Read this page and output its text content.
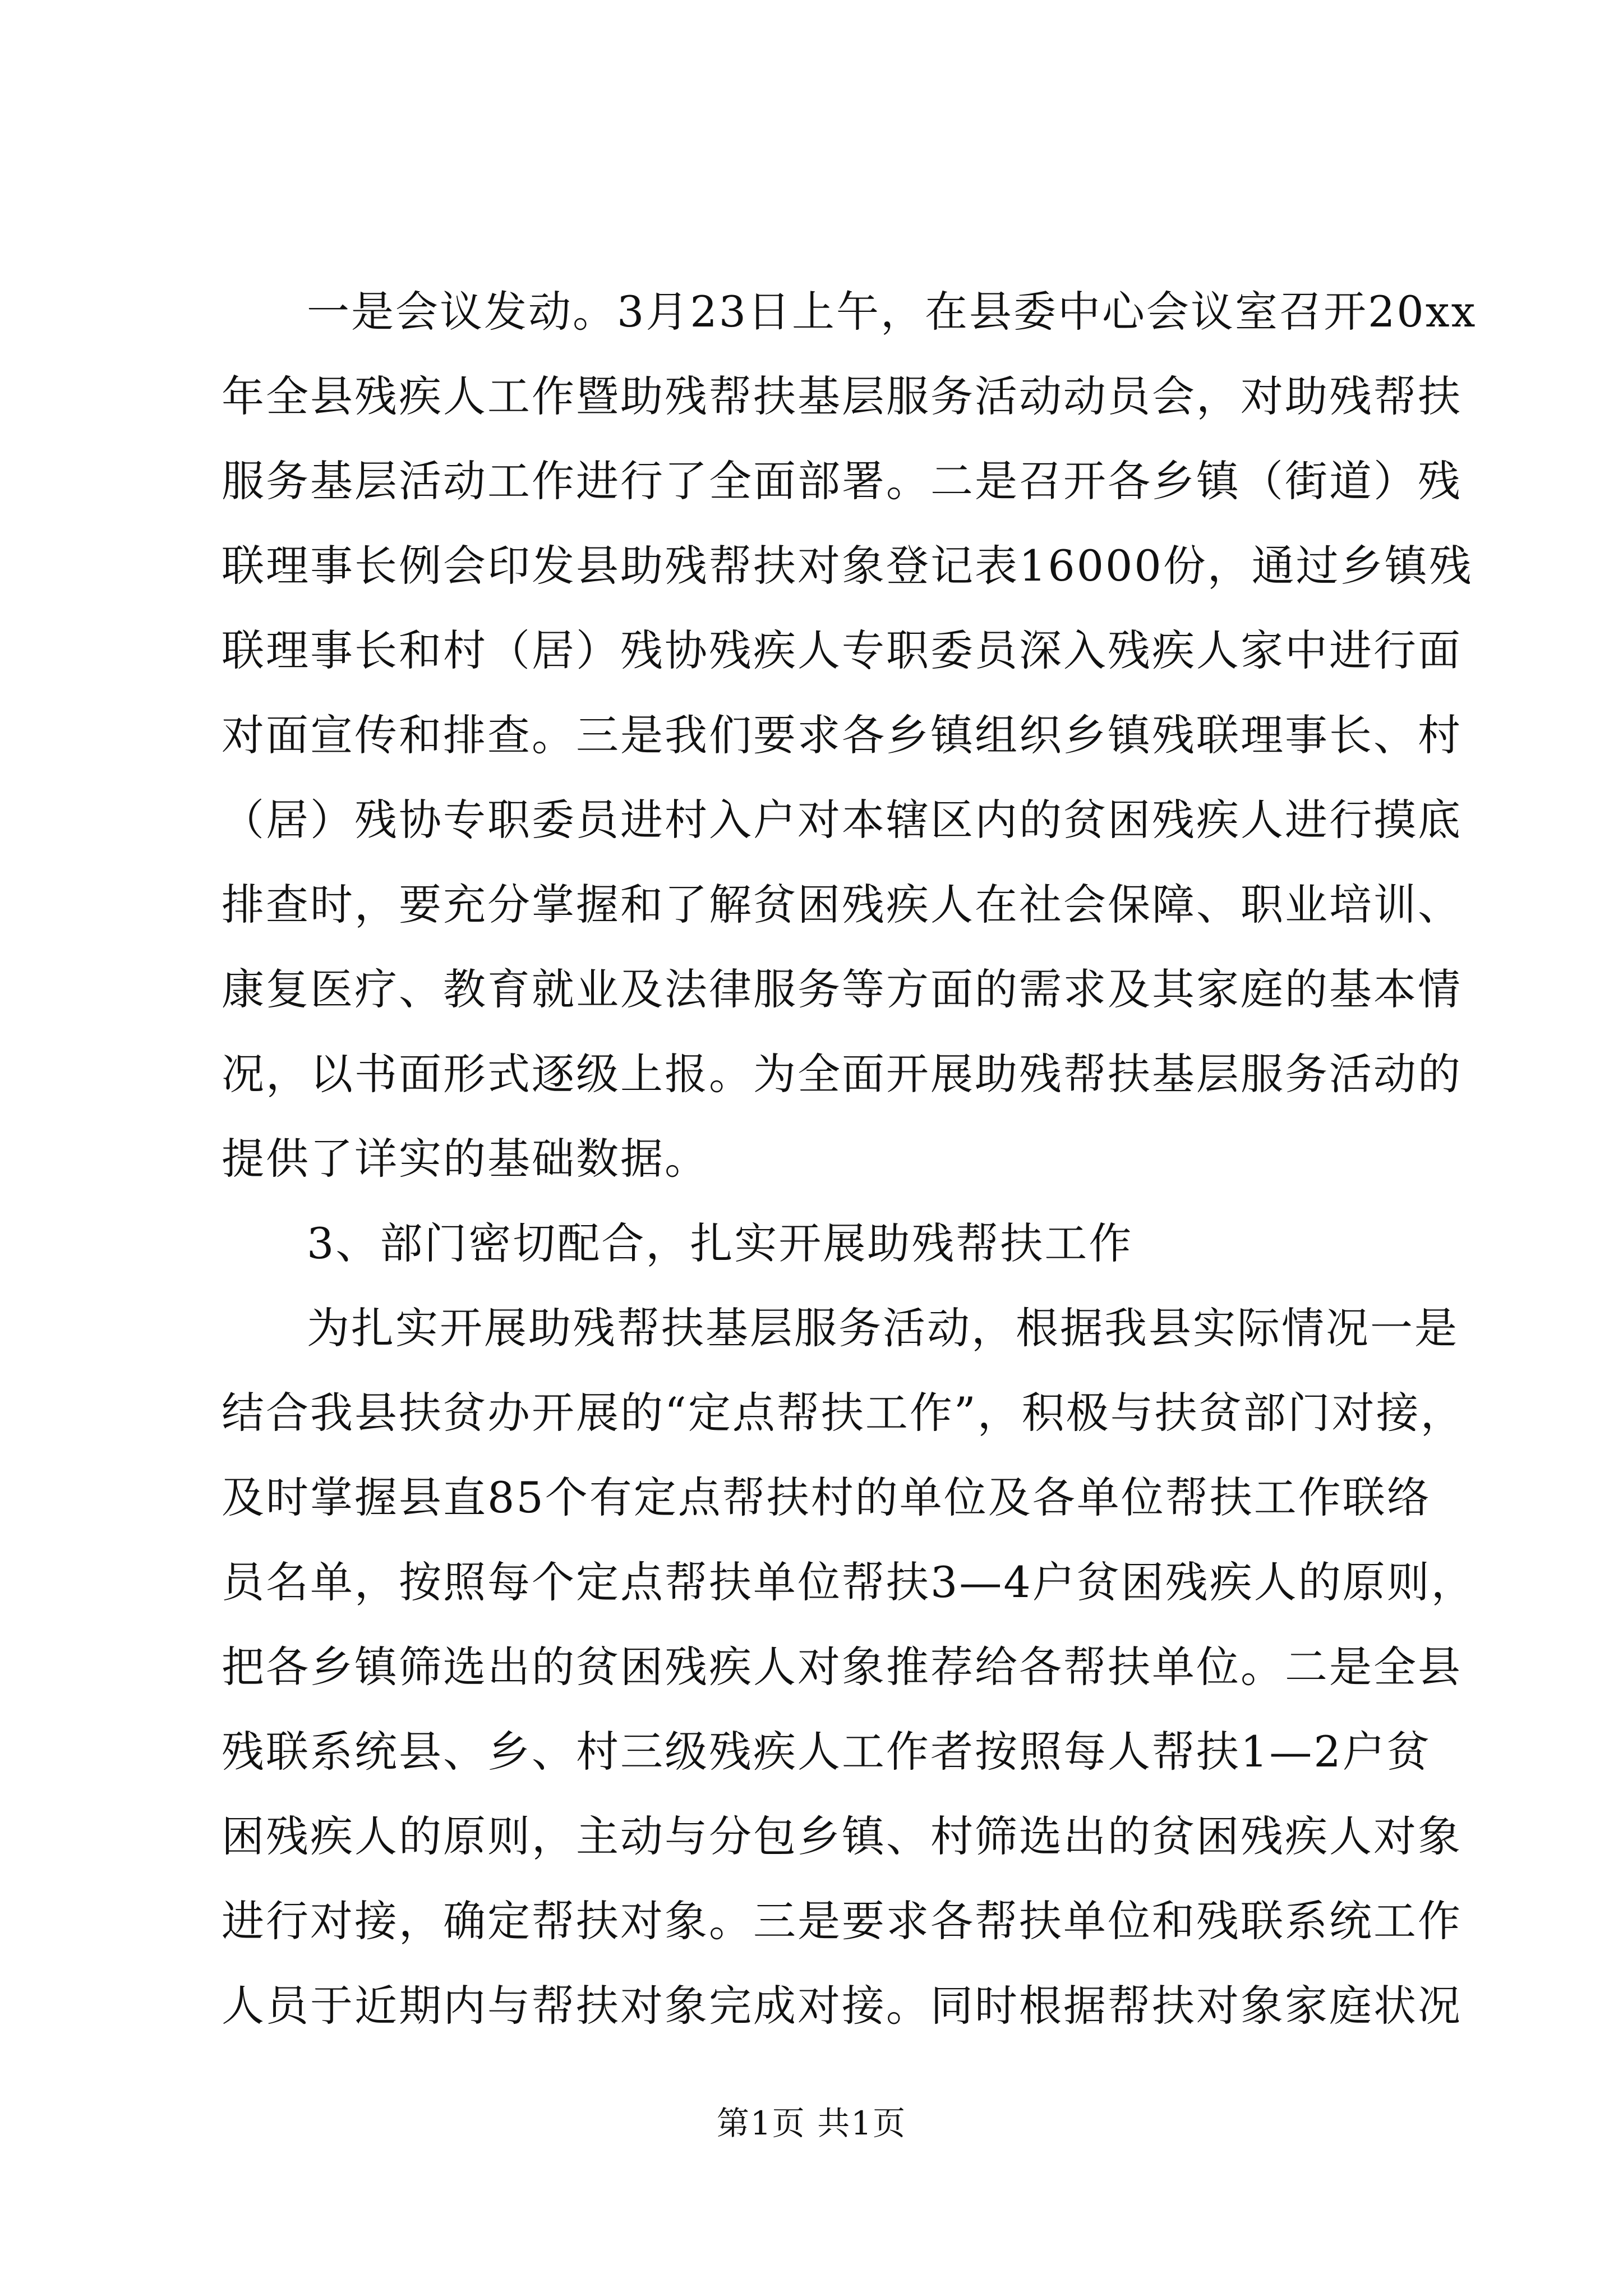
一是会议发动。3月23日上午，在县委中心会议室召开20xx
年全县残疾人工作暨助残帮扶基层服务活动动员会，对助残帮扶
服务基层活动工作进行了全面部署。二是召开各乡镇（街道）残
联理事长例会印发县助残帮扶对象登记表16000份，通过乡镇残
联理事长和村（居）残协残疾人专职委员深入残疾人家中进行面
对面宣传和排查。三是我们要求各乡镇组织乡镇残联理事长、村
（居）残协专职委员进村入户对本辖区内的贫困残疾人进行摸底
排查时，要充分掌握和了解贫困残疾人在社会保障、职业培训、
康复医疗、教育就业及法律服务等方面的需求及其家庭的基本情
况，以书面形式逐级上报。为全面开展助残帮扶基层服务活动的
提供了详实的基础数据。
3、部门密切配合，扎实开展助残帮扶工作
为扎实开展助残帮扶基层服务活动，根据我县实际情况一是
结合我县扶贫办开展的“定点帮扶工作”，积极与扶贫部门对接，
及时掌握县直85个有定点帮扶村的单位及各单位帮扶工作联络
员名单，按照每个定点帮扶单位帮扶3—4户贫困残疾人的原则，
把各乡镇筛选出的贫困残疾人对象推荐给各帮扶单位。二是全县
残联系统县、乡、村三级残疾人工作者按照每人帮扶1—2户贫
困残疾人的原则，主动与分包乡镇、村筛选出的贫困残疾人对象
进行对接，确定帮扶对象。三是要求各帮扶单位和残联系统工作
人员于近期内与帮扶对象完成对接。同时根据帮扶对象家庭状况
第1页 共1页
